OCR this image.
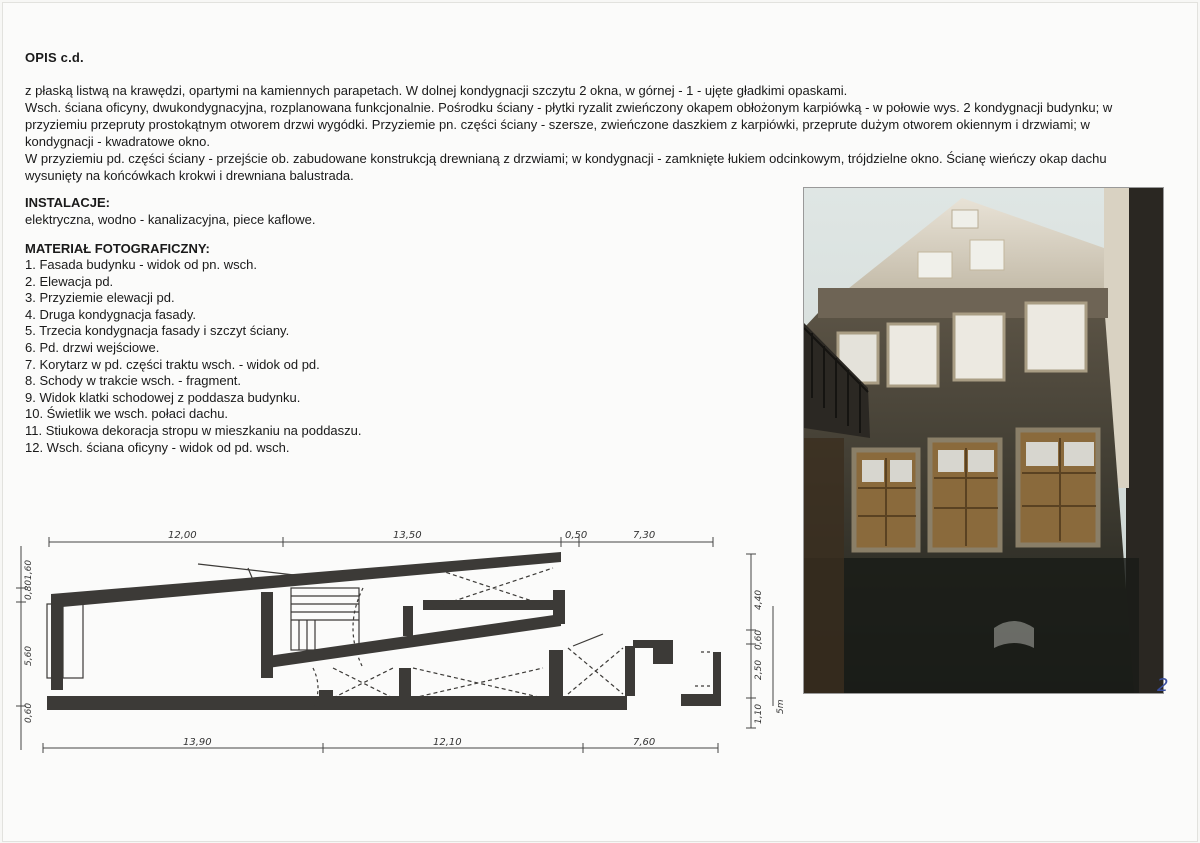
OPIS c.d.

z płaską listwą na krawędzi, opartymi na kamiennych parapetach. W dolnej kondygnacji szczytu 2 okna, w górnej - 1 - ujęte gładkimi opaskami.

Wsch. ściana oficyny, dwukondygnacyjna, rozplanowana funkcjonalnie. Pośrodku ściany - płytki ryzalit zwieńczony okapem obłożonym karpiówką - w połowie wys. 2 kondygnacji budynku; w przyziemiu przepruty prostokątnym otworem drzwi wygódki. Przyziemie pn. części ściany - szersze, zwieńczone daszkiem z karpiówki, przeprute dużym otworem okiennym i drzwiami; w kondygnacji - kwadratowe okno.

W przyziemiu pd. części ściany - przejście ob. zabudowane konstrukcją drewnianą z drzwiami; w kondygnacji - zamknięte łukiem odcinkowym, trójdzielne okno. Ścianę wieńczy okap dachu wysunięty na końcówkach krokwi i drewniana balustrada.

INSTALACJE:
elektryczna, wodno - kanalizacyjna, piece kaflowe.
MATERIAŁ FOTOGRAFICZNY:
1. Fasada budynku - widok od pn. wsch.
2. Elewacja pd.
3. Przyziemie elewacji pd.
4. Druga kondygnacja fasady.
5. Trzecia kondygnacja fasady i szczyt ściany.
6. Pd. drzwi wejściowe.
7. Korytarz w pd. części traktu wsch. - widok od pd.
8. Schody w trakcie wsch. - fragment.
9. Widok klatki schodowej z poddasza budynku.
10. Świetlik we wsch. połaci dachu.
11. Stiukowa dekoracja stropu w mieszkaniu na poddaszu.
12. Wsch. ściana oficyny - widok od pd. wsch.
2
12,00	13,50	0,50	7,30
13,90	12,10	7,60
1,60
0,80
5,60
0,60
4,40
0,60
2,50
1,10 5m
